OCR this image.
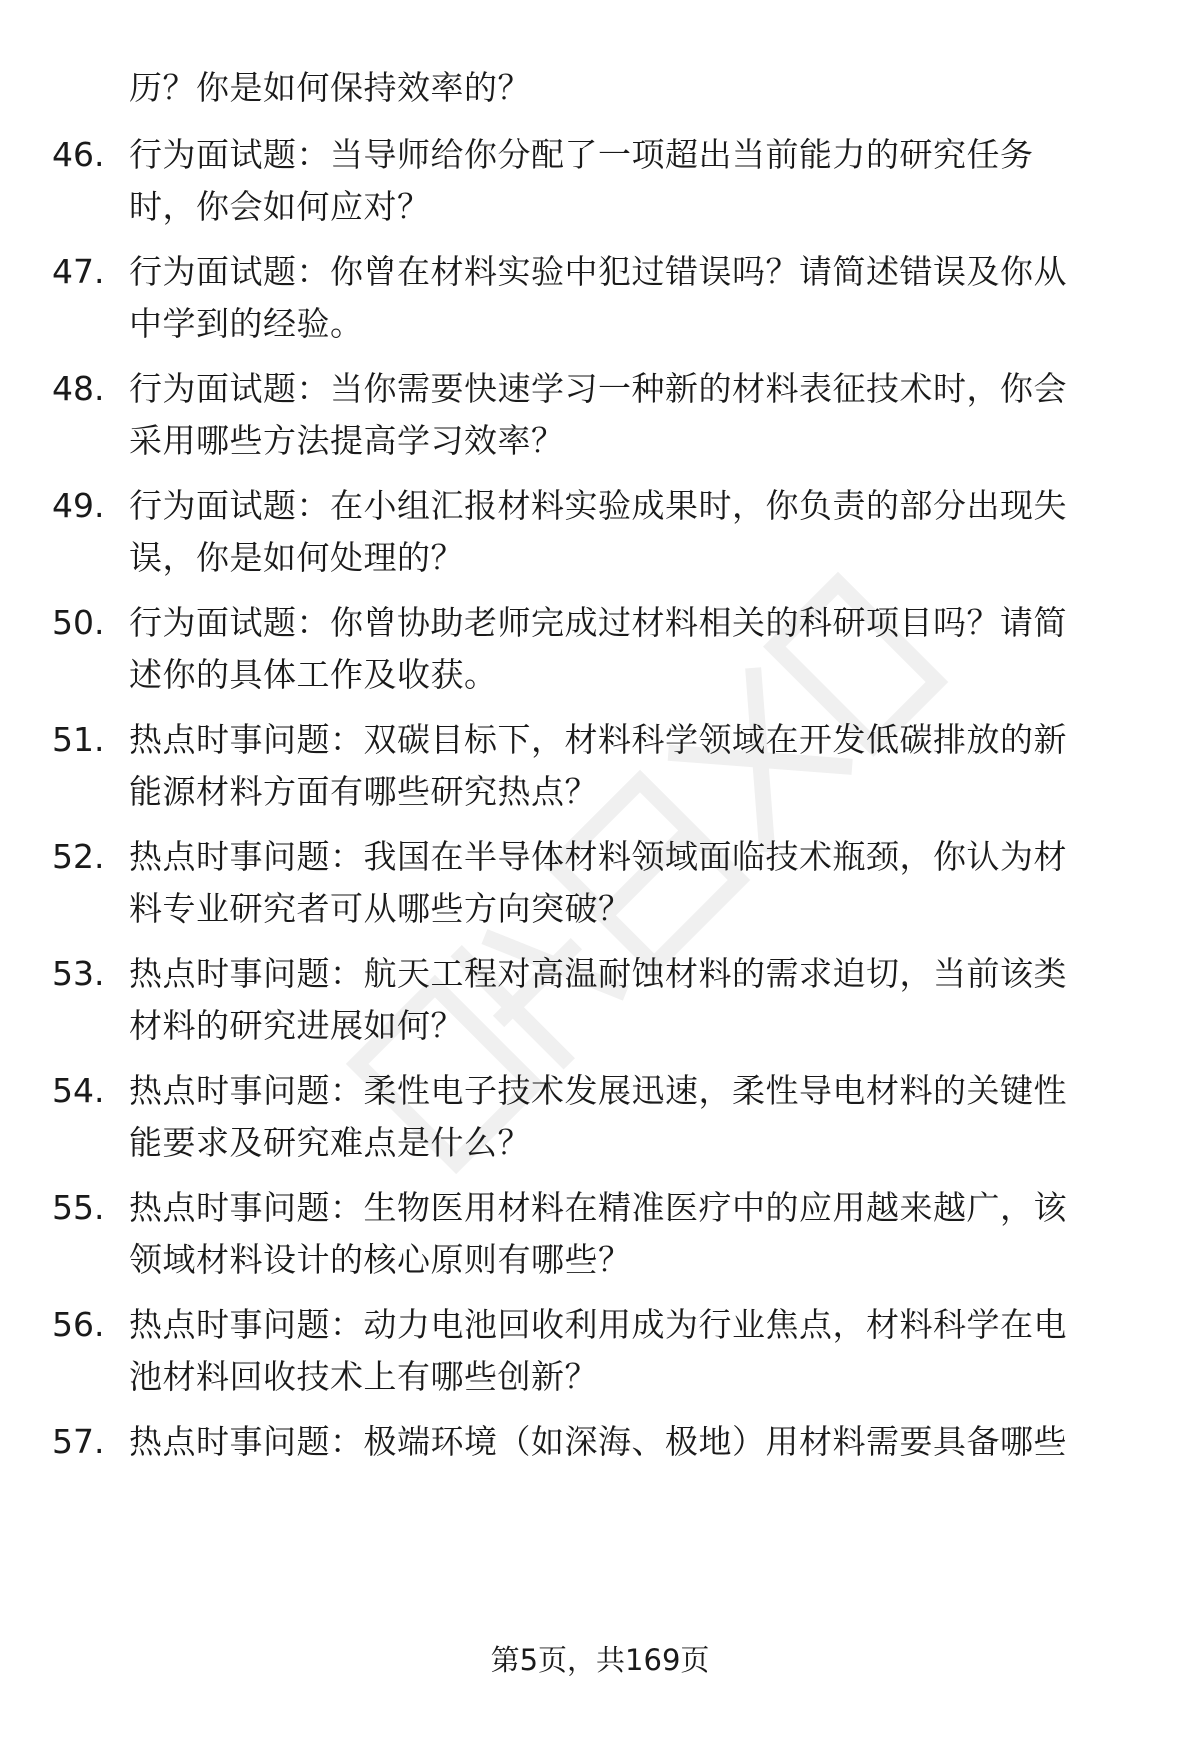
历？你是如何保持效率的？
46. 行为面试题：当导师给你分配了一项超出当前能力的研究任务
时，你会如何应对？
47. 行为面试题：你曾在材料实验中犯过错误吗？请简述错误及你从
中学到的经验。
48. 行为面试题：当你需要快速学习一种新的材料表征技术时，你会
采用哪些方法提高学习效率？
49. 行为面试题：在小组汇报材料实验成果时，你负责的部分出现失
误，你是如何处理的？
50. 行为面试题：你曾协助老师完成过材料相关的科研项目吗？请简
述你的具体工作及收获。
51. 热点时事问题：双碳目标下，材料科学领域在开发低碳排放的新
能源材料方面有哪些研究热点？
52. 热点时事问题：我国在半导体材料领域面临技术瓶颈，你认为材
料专业研究者可从哪些方向突破？
53. 热点时事问题：航天工程对高温耐蚀材料的需求迫切，当前该类
材料的研究进展如何？
54. 热点时事问题：柔性电子技术发展迅速，柔性导电材料的关键性
能要求及研究难点是什么？
55. 热点时事问题：生物医用材料在精准医疗中的应用越来越广，该
领域材料设计的核心原则有哪些？
56. 热点时事问题：动力电池回收利用成为行业焦点，材料科学在电
池材料回收技术上有哪些创新？
57. 热点时事问题：极端环境（如深海、极地）用材料需要具备哪些
第5页，共169页
